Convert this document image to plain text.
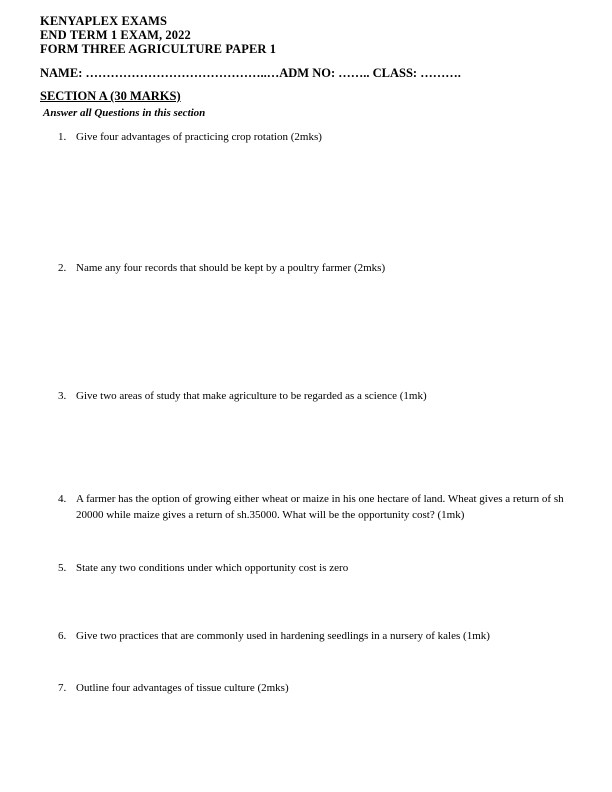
KENYAPLEX EXAMS
END TERM 1 EXAM, 2022
FORM THREE AGRICULTURE PAPER 1
NAME: ……………………………………..…ADM NO: …….. CLASS: ……….
SECTION A (30 MARKS)
Answer all Questions in this section
1. Give four advantages of practicing crop rotation (2mks)
2. Name any four records that should be kept by a poultry farmer (2mks)
3. Give two areas of study that make agriculture to be regarded as a science (1mk)
4. A farmer has the option of growing either wheat or maize in his one hectare of land. Wheat gives a return of sh 20000 while maize gives a return of sh.35000. What will be the opportunity cost? (1mk)
5. State any two conditions under which opportunity cost is zero
6. Give two practices that are commonly used in hardening seedlings in a nursery of kales (1mk)
7. Outline four advantages of tissue culture (2mks)
